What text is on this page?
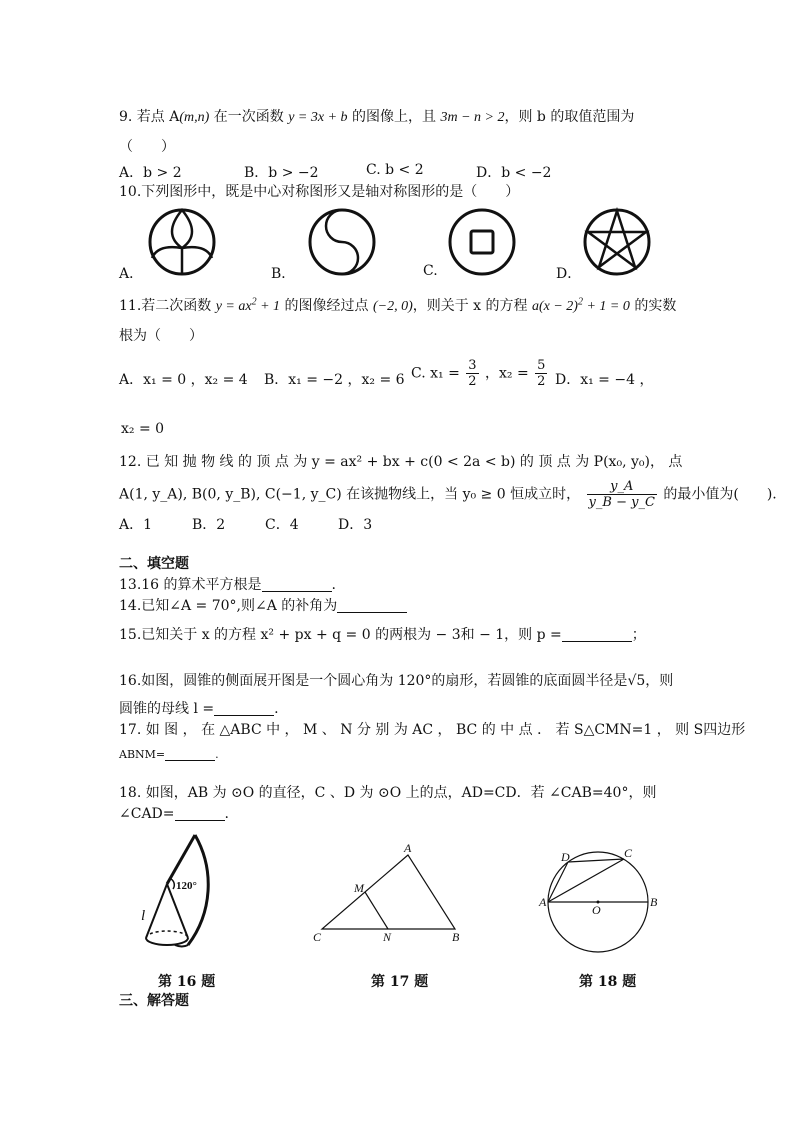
9. 若点 A(m,n) 在一次函数 y = 3x + b 的图像上，且 3m − n > 2，则 b 的取值范围为
（　　）
A．b > 2	B．b > −2	C. b < 2	D．b < −2
10.下列图形中，既是中心对称图形又是轴对称图形的是（　　）
A．	B．	C.	D．
11.若二次函数 $y = ax^2 + 1$ 的图像经过点 (−2, 0)，则关于 x 的方程 $a(x - 2)^2 + 1 = 0$ 的实数
根为（　　）
A．x₁ = 0 ，x₂ = 4 B．x₁ = −2 ，x₂ = 6 C. $x_1 = \frac{3}{2}$ ，$x_2 = \frac{5}{2}$ D．x₁ = −4 ，
x₂ = 0
12. 已 知 抛 物 线 的 顶 点 为 y = ax² + bx + c(0 < 2a < b) 的 顶 点 为 P(x₀, y₀)， 点
A(1, y_A), B(0, y_B), C(−1, y_C) 在该抛物线上，当 y₀ ≥ 0 恒成立时， $\frac{y\_A}{y\_B - y\_C}$ 的最小值为(　　).
A．1	B．2	C．4	D．3
二、填空题
13.16 的算术平方根是	.
14.已知∠A = 70°,则∠A 的补角为
15.已知关于 x 的方程 x² + px + q = 0 的两根为 − 3和 − 1，则 p =	；
16.如图，圆锥的侧面展开图是一个圆心角为 120°的扇形，若圆锥的底面圆半径是√5，则
圆锥的母线 l =	.
17. 如 图 ， 在 △ABC 中 ， M 、 N 分 别 为 AC ， BC 的 中 点 ． 若 S△CMN=1 ， 则 S四边形
ABNM=	.
18. 如图，AB 为 ⊙O 的直径，C 、D 为 ⊙O 上的点，AD=CD．若 ∠CAB=40°，则
∠CAD=	.
120°
l
第 16 题
A
M
C	N	B
第 17 题
D	C
A
O
B
第 18 题
三、解答题
